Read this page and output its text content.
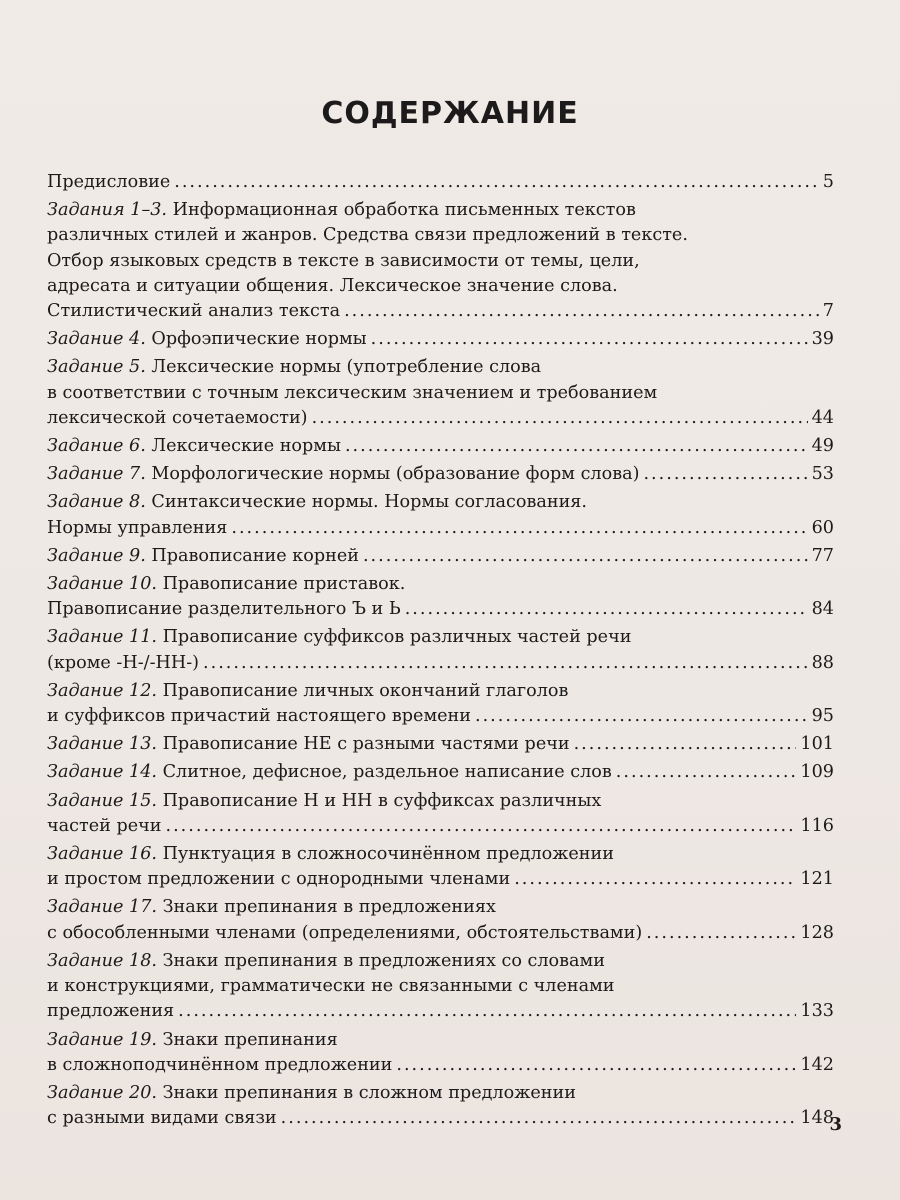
СОДЕРЖАНИЕ
Предисловие .....	5
Задания 1–3. Информационная обработка письменных текстов
различных стилей и жанров. Средства связи предложений в тексте.
Отбор языковых средств в тексте в зависимости от темы, цели,
адресата и ситуации общения. Лексическое значение слова.
Стилистический анализ текста .....	7
Задание 4. Орфоэпические нормы .....	39
Задание 5. Лексические нормы (употребление слова
в соответствии с точным лексическим значением и требованием
лексической сочетаемости) .....	44
Задание 6. Лексические нормы .....	49
Задание 7. Морфологические нормы (образование форм слова) .....	53
Задание 8. Синтаксические нормы. Нормы согласования.
Нормы управления .....	60
Задание 9. Правописание корней .....	77
Задание 10. Правописание приставок.
Правописание разделительного Ъ и Ь .....	84
Задание 11. Правописание суффиксов различных частей речи
(кроме -Н-/-НН-) .....	88
Задание 12. Правописание личных окончаний глаголов
и суффиксов причастий настоящего времени .....	95
Задание 13. Правописание НЕ с разными частями речи .....	101
Задание 14. Слитное, дефисное, раздельное написание слов .....	109
Задание 15. Правописание Н и НН в суффиксах различных
частей речи .....	116
Задание 16. Пунктуация в сложносочинённом предложении
и простом предложении с однородными членами .....	121
Задание 17. Знаки препинания в предложениях
с обособленными членами (определениями, обстоятельствами) .....	128
Задание 18. Знаки препинания в предложениях со словами
и конструкциями, грамматически не связанными с членами
предложения .....	133
Задание 19. Знаки препинания
в сложноподчинённом предложении .....	142
Задание 20. Знаки препинания в сложном предложении
с разными видами связи .....	148
3
